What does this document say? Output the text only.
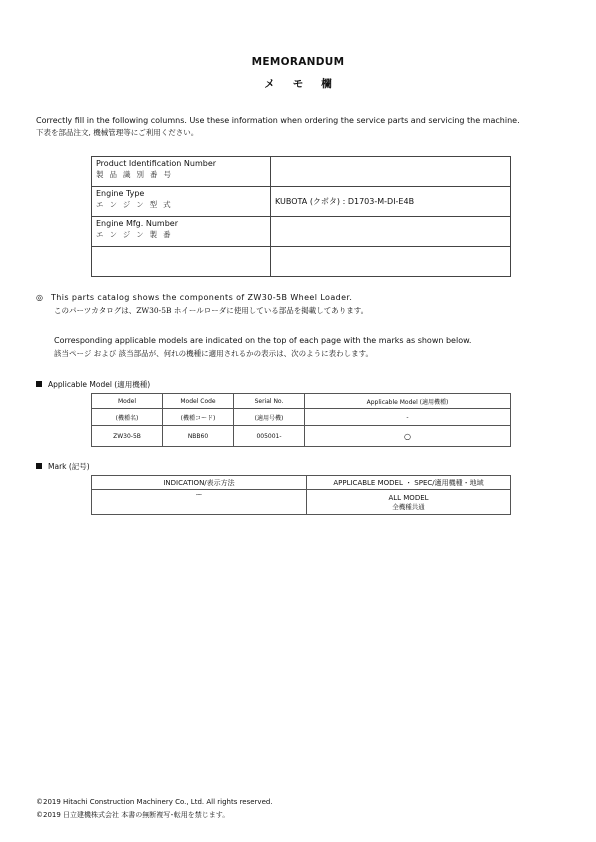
MEMORANDUM
メモ欄
Correctly fill in the following columns. Use these information when ordering the service parts and servicing the machine.
下表を部品注文, 機械管理等にご利用ください。
Product Identification Number
製品識別番号	

Engine Type
エンジン型式	KUBOTA (クボタ) : D1703-M-DI-E4B
Engine Mfg. Number
エンジン製番	

◎ This parts catalog shows the components of ZW30-5B Wheel Loader.
このパーツカタログは、ZW30-5B ホイールローダに使用している部品を掲載してあります。
Corresponding applicable models are indicated on the top of each page with the marks as shown below.
該当ページ および 該当部品が、何れの機種に適用されるかの表示は、次のように表わします。
Applicable Model (適用機種)
Model	Model Code	Serial No.	Applicable Model (適用機種)
(機種名)	(機種コード)	(適用号機)	-
ZW30-5B	NBB60	005001-	○
Mark (記号)
INDICATION/表示方法	APPLICABLE MODEL ・ SPEC/適用機種・地域
ー	ALL MODEL
全機種共通
©2019 Hitachi Construction Machinery Co., Ltd. All rights reserved.
©2019 日立建機株式会社 本書の無断複写･転用を禁じます。
